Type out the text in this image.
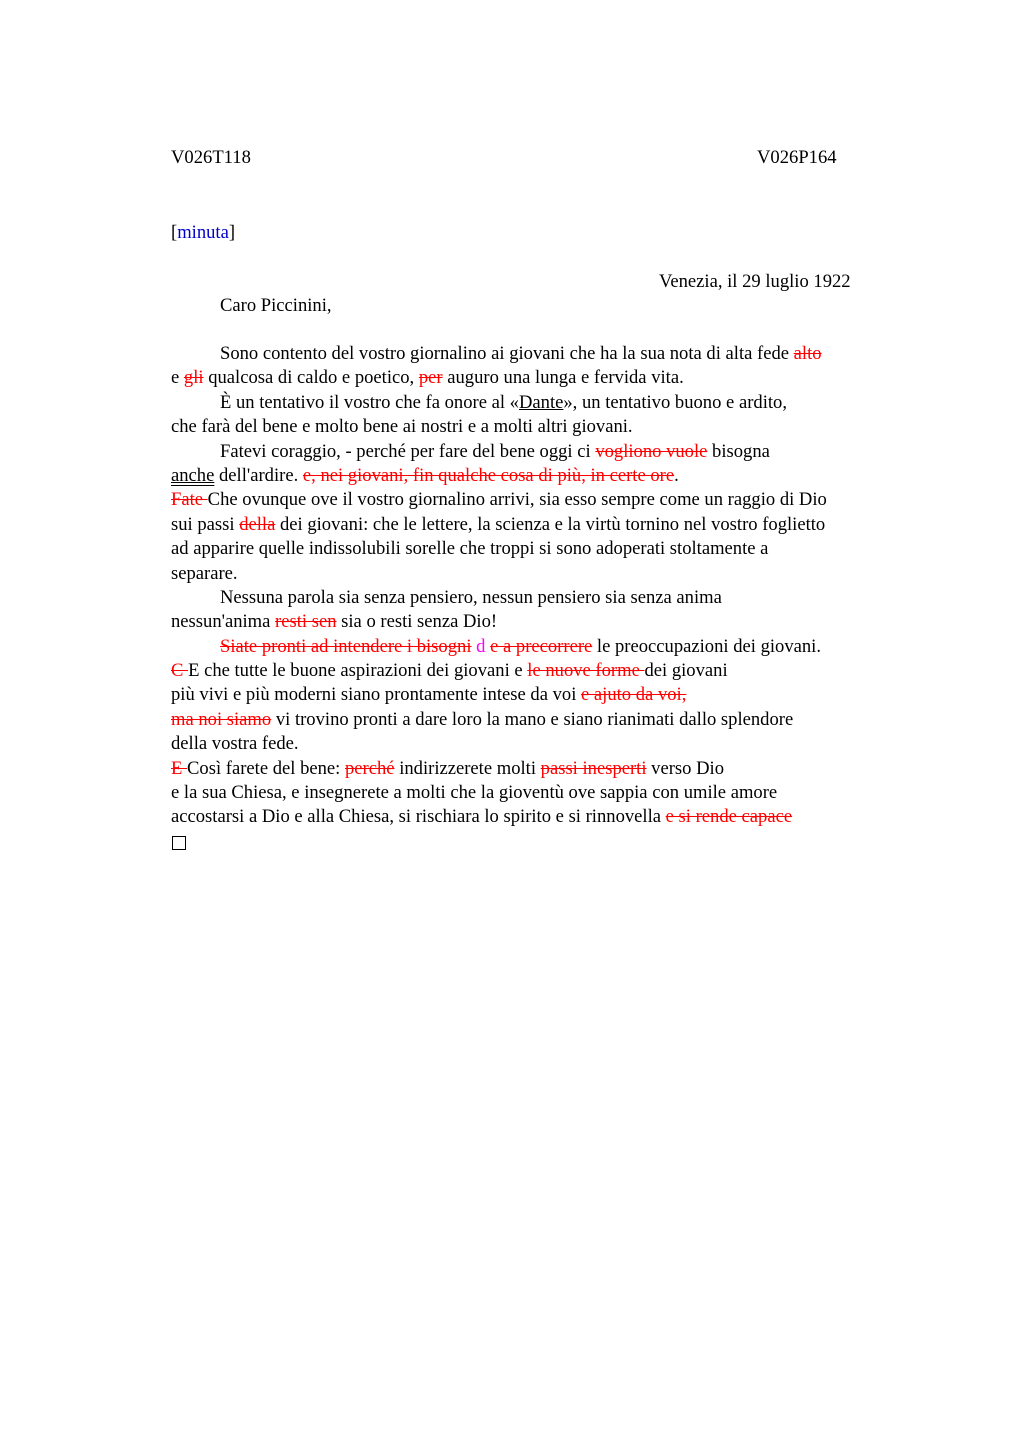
V026T118	V026P164
[minuta]
Venezia, il 29 luglio 1922
Caro Piccinini,
Sono contento del vostro giornalino ai giovani che ha la sua nota di alta fede alto
e gli qualcosa di caldo e poetico, per auguro una lunga e fervida vita.
È un tentativo il vostro che fa onore al «Dante», un tentativo buono e ardito,
che farà del bene e molto bene ai nostri e a molti altri giovani.
Fatevi coraggio, - perché per fare del bene oggi ci vogliono vuole bisogna
anche dell'ardire. e, nei giovani, fin qualche cosa di più, in certe ore.
Fate Che ovunque ove il vostro giornalino arrivi, sia esso sempre come un raggio di Dio
sui passi della dei giovani: che le lettere, la scienza e la virtù tornino nel vostro foglietto
ad apparire quelle indissolubili sorelle che troppi si sono adoperati stoltamente a
separare.
Nessuna parola sia senza pensiero, nessun pensiero sia senza anima
nessun'anima resti sen sia o resti senza Dio!
Siate pronti ad intendere i bisogni d e a precorrere le preoccupazioni dei giovani.
C E che tutte le buone aspirazioni dei giovani e le nuove forme dei giovani
più vivi e più moderni siano prontamente intese da voi e ajuto da voi,
ma noi siamo vi trovino pronti a dare loro la mano e siano rianimati dallo splendore
della vostra fede.
E Così farete del bene: perché indirizzerete molti passi inesperti verso Dio
e la sua Chiesa, e insegnerete a molti che la gioventù ove sappia con umile amore
accostarsi a Dio e alla Chiesa, si rischiara lo spirito e si rinnovella e si rende capace
